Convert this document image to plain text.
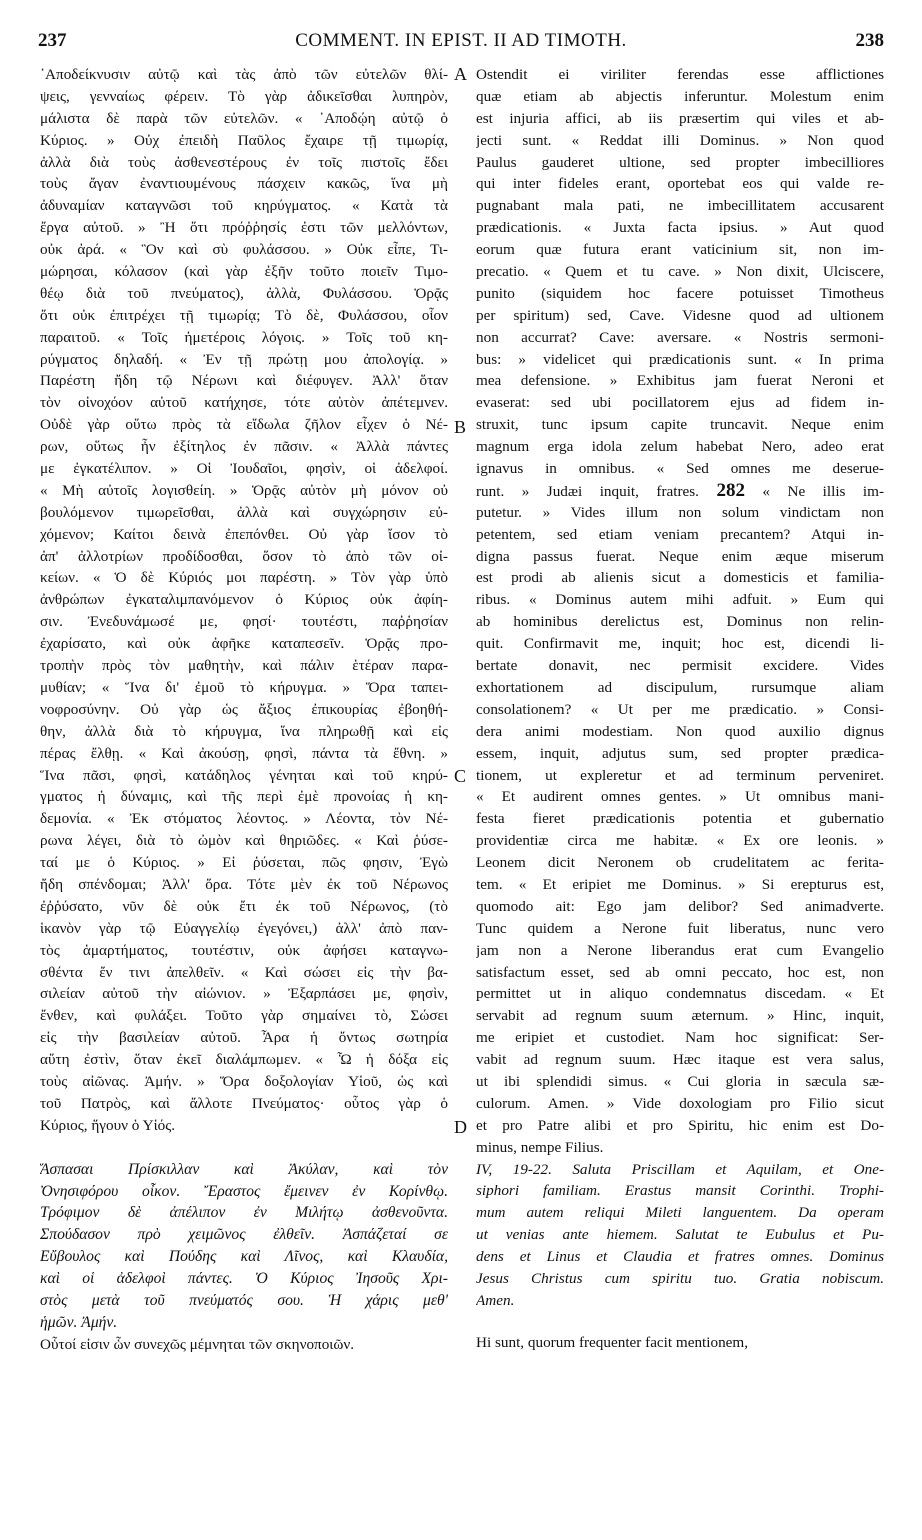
237	COMMENT. IN EPIST. II AD TIMOTH.	238
A
B
C
D
᾿Αποδείκνυσιν αὐτῷ καὶ τὰς ἀπὸ τῶν εὐτελῶν θλί-
ψεις, γενναίως φέρειν. Τὸ γὰρ ἀδικεῖσθαι λυπηρὸν,
μάλιστα δὲ παρὰ τῶν εὐτελῶν. « ᾿Αποδῴη αὐτῷ ὁ
Κύριος. » Οὐχ ἐπειδὴ Παῦλος ἔχαιρε τῇ τιμωρίᾳ,
ἀλλὰ διὰ τοὺς ἀσθενεστέρους ἐν τοῖς πιστοῖς ἔδει
τοὺς ἄγαν ἐναντιουμένους πάσχειν κακῶς, ἵνα μὴ
ἀδυναμίαν καταγνῶσι τοῦ κηρύγματος. « Κατὰ τὰ
ἔργα αὐτοῦ. » Ἢ ὅτι πρόῤῥησίς ἐστι τῶν μελλόντων,
οὐκ ἀρά. « Ὃν καὶ σὺ φυλάσσου. » Οὐκ εἶπε, Τι-
μώρησαι, κόλασον (καὶ γὰρ ἐξῆν τοῦτο ποιεῖν Τιμο-
θέῳ διὰ τοῦ πνεύματος), ἀλλὰ, Φυλάσσου. Ὁρᾷς
ὅτι οὐκ ἐπιτρέχει τῇ τιμωρίᾳ; Τὸ δὲ, Φυλάσσου, οἷον
παραιτοῦ. « Τοῖς ἡμετέροις λόγοις. » Τοῖς τοῦ κη-
ρύγματος δηλαδή. « Ἐν τῇ πρώτῃ μου ἀπολογίᾳ. »
Παρέστη ἤδη τῷ Νέρωνι καὶ διέφυγεν. Ἀλλ' ὅταν
τὸν οἰνοχόον αὐτοῦ κατήχησε, τότε αὐτὸν ἀπέτεμνεν.
Οὐδὲ γὰρ οὕτω πρὸς τὰ εἴδωλα ζῆλον εἶχεν ὁ Νέ-
ρων, οὕτως ἦν ἐξίτηλος ἐν πᾶσιν. « Ἀλλὰ πάντες
με ἐγκατέλιπον. » Οἱ Ἰουδαῖοι, φησὶν, οἱ ἀδελφοί.
« Μὴ αὐτοῖς λογισθείη. » Ὁρᾷς αὐτὸν μὴ μόνον οὐ
βουλόμενον τιμωρεῖσθαι, ἀλλὰ καὶ συγχώρησιν εὐ-
χόμενον; Καίτοι δεινὰ ἐπεπόνθει. Οὐ γὰρ ἴσον τὸ
ἀπ' ἀλλοτρίων προδίδοσθαι, ὅσον τὸ ἀπὸ τῶν οἰ-
κείων. « Ὁ δὲ Κύριός μοι παρέστη. » Τὸν γὰρ ὑπὸ
ἀνθρώπων ἐγκαταλιμπανόμενον ὁ Κύριος οὐκ ἀφίη-
σιν. Ἐνεδυνάμωσέ με, φησί· τουτέστι, παῤῥησίαν
ἐχαρίσατο, καὶ οὐκ ἀφῆκε καταπεσεῖν. Ὁρᾷς προ-
τροπὴν πρὸς τὸν μαθητὴν, καὶ πάλιν ἑτέραν παρα-
μυθίαν; « Ἵνα δι' ἐμοῦ τὸ κήρυγμα. » Ὅρα ταπει-
νοφροσύνην. Οὐ γὰρ ὡς ἄξιος ἐπικουρίας ἐβοηθή-
θην, ἀλλὰ διὰ τὸ κήρυγμα, ἵνα πληρωθῇ καὶ εἰς
πέρας ἔλθῃ. « Καὶ ἀκούσῃ, φησὶ, πάντα τὰ ἔθνη. »
Ἵνα πᾶσι, φησὶ, κατάδηλος γένηται καὶ τοῦ κηρύ-
γματος ἡ δύναμις, καὶ τῆς περὶ ἐμὲ προνοίας ἡ κη-
δεμονία. « Ἐκ στόματος λέοντος. » Λέοντα, τὸν Νέ-
ρωνα λέγει, διὰ τὸ ὠμὸν καὶ θηριῶδες. « Καὶ ῥύσε-
ταί με ὁ Κύριος. » Εἰ ῥύσεται, πῶς φησιν, Ἐγὼ
ἤδη σπένδομαι; Ἀλλ' ὅρα. Τότε μὲν ἐκ τοῦ Νέρωνος
ἐῤῥύσατο, νῦν δὲ οὐκ ἔτι ἐκ τοῦ Νέρωνος, (τὸ
ἱκανὸν γὰρ τῷ Εὐαγγελίῳ ἐγεγόνει,) ἀλλ' ἀπὸ παν-
τὸς ἁμαρτήματος, τουτέστιν, οὐκ ἀφήσει καταγνω-
σθέντα ἔν τινι ἀπελθεῖν. « Καὶ σώσει εἰς τὴν βα-
σιλείαν αὐτοῦ τὴν αἰώνιον. » Ἐξαρπάσει με, φησὶν,
ἔνθεν, καὶ φυλάξει. Τοῦτο γὰρ σημαίνει τὸ, Σώσει
εἰς τὴν βασιλείαν αὐτοῦ. Ἆρα ἡ ὄντως σωτηρία
αὕτη ἐστὶν, ὅταν ἐκεῖ διαλάμπωμεν. « Ὧ ἡ δόξα εἰς
τοὺς αἰῶνας. Ἀμήν. » Ὅρα δοξολογίαν Υἱοῦ, ὡς καὶ
τοῦ Πατρὸς, καὶ ἄλλοτε Πνεύματος· οὗτος γὰρ ὁ
Κύριος, ἥγουν ὁ Υἱός.
Ἄσπασαι Πρίσκιλλαν καὶ Ἀκύλαν, καὶ τὸν
Ὀνησιφόρου οἶκον. Ἔραστος ἔμεινεν ἐν Κορίνθῳ.
Τρόφιμον δὲ ἀπέλιπον ἐν Μιλήτῳ ἀσθενοῦντα.
Σπούδασον πρὸ χειμῶνος ἐλθεῖν. Ἀσπάζεταί σε
Εὔβουλος καὶ Πούδης καὶ Λῖνος, καὶ Κλαυδία,
καὶ οἱ ἀδελφοὶ πάντες. Ὁ Κύριος Ἰησοῦς Χρι-
στὸς μετὰ τοῦ πνεύματός σου. Ἡ χάρις μεθ'
ἡμῶν. Ἀμήν.
Οὗτοί εἰσιν ὧν συνεχῶς μέμνηται τῶν σκηνοποιῶν.
Ostendit ei viriliter ferendas esse afflictiones
quæ etiam ab abjectis inferuntur. Molestum enim
est injuria affici, ab iis præsertim qui viles et ab-
jecti sunt. « Reddat illi Dominus. » Non quod
Paulus gauderet ultione, sed propter imbecilliores
qui inter fideles erant, oportebat eos qui valde re-
pugnabant mala pati, ne imbecillitatem accusarent
prædicationis. « Juxta facta ipsius. » Aut quod
eorum quæ futura erant vaticinium sit, non im-
precatio. « Quem et tu cave. » Non dixit, Ulciscere,
punito (siquidem hoc facere potuisset Timotheus
per spiritum) sed, Cave. Videsne quod ad ultionem
non accurrat? Cave: aversare. « Nostris sermoni-
bus: » videlicet qui prædicationis sunt. « In prima
mea defensione. » Exhibitus jam fuerat Neroni et
evaserat: sed ubi pocillatorem ejus ad fidem in-
struxit, tunc ipsum capite truncavit. Neque enim
magnum erga idola zelum habebat Nero, adeo erat
ignavus in omnibus. « Sed omnes me deserue-
runt. » Judæi inquit, fratres. 282 « Ne illis im-
putetur. » Vides illum non solum vindictam non
petentem, sed etiam veniam precantem? Atqui in-
digna passus fuerat. Neque enim æque miserum
est prodi ab alienis sicut a domesticis et familia-
ribus. « Dominus autem mihi adfuit. » Eum qui
ab hominibus derelictus est, Dominus non relin-
quit. Confirmavit me, inquit; hoc est, dicendi li-
bertate donavit, nec permisit excidere. Vides
exhortationem ad discipulum, rursumque aliam
consolationem? « Ut per me prædicatio. » Consi-
dera animi modestiam. Non quod auxilio dignus
essem, inquit, adjutus sum, sed propter prædica-
tionem, ut expleretur et ad terminum perveniret.
« Et audirent omnes gentes. » Ut omnibus mani-
festa fieret prædicationis potentia et gubernatio
providentiæ circa me habitæ. « Ex ore leonis. »
Leonem dicit Neronem ob crudelitatem ac ferita-
tem. « Et eripiet me Dominus. » Si erepturus est,
quomodo ait: Ego jam delibor? Sed animadverte.
Tunc quidem a Nerone fuit liberatus, nunc vero
jam non a Nerone liberandus erat cum Evangelio
satisfactum esset, sed ab omni peccato, hoc est, non
permittet ut in aliquo condemnatus discedam. « Et
servabit ad regnum suum æternum. » Hinc, inquit,
me eripiet et custodiet. Nam hoc significat: Ser-
vabit ad regnum suum. Hæc itaque est vera salus,
ut ibi splendidi simus. « Cui gloria in sæcula sæ-
culorum. Amen. » Vide doxologiam pro Filio sicut
et pro Patre alibi et pro Spiritu, hic enim est Do-
minus, nempe Filius.
IV, 19-22. Saluta Priscillam et Aquilam, et One-
siphori familiam. Erastus mansit Corinthi. Trophi-
mum autem reliqui Mileti languentem. Da operam
ut venias ante hiemem. Salutat te Eubulus et Pu-
dens et Linus et Claudia et fratres omnes. Dominus
Jesus Christus cum spiritu tuo. Gratia nobiscum.
Amen.
Hi sunt, quorum frequenter facit mentionem,
